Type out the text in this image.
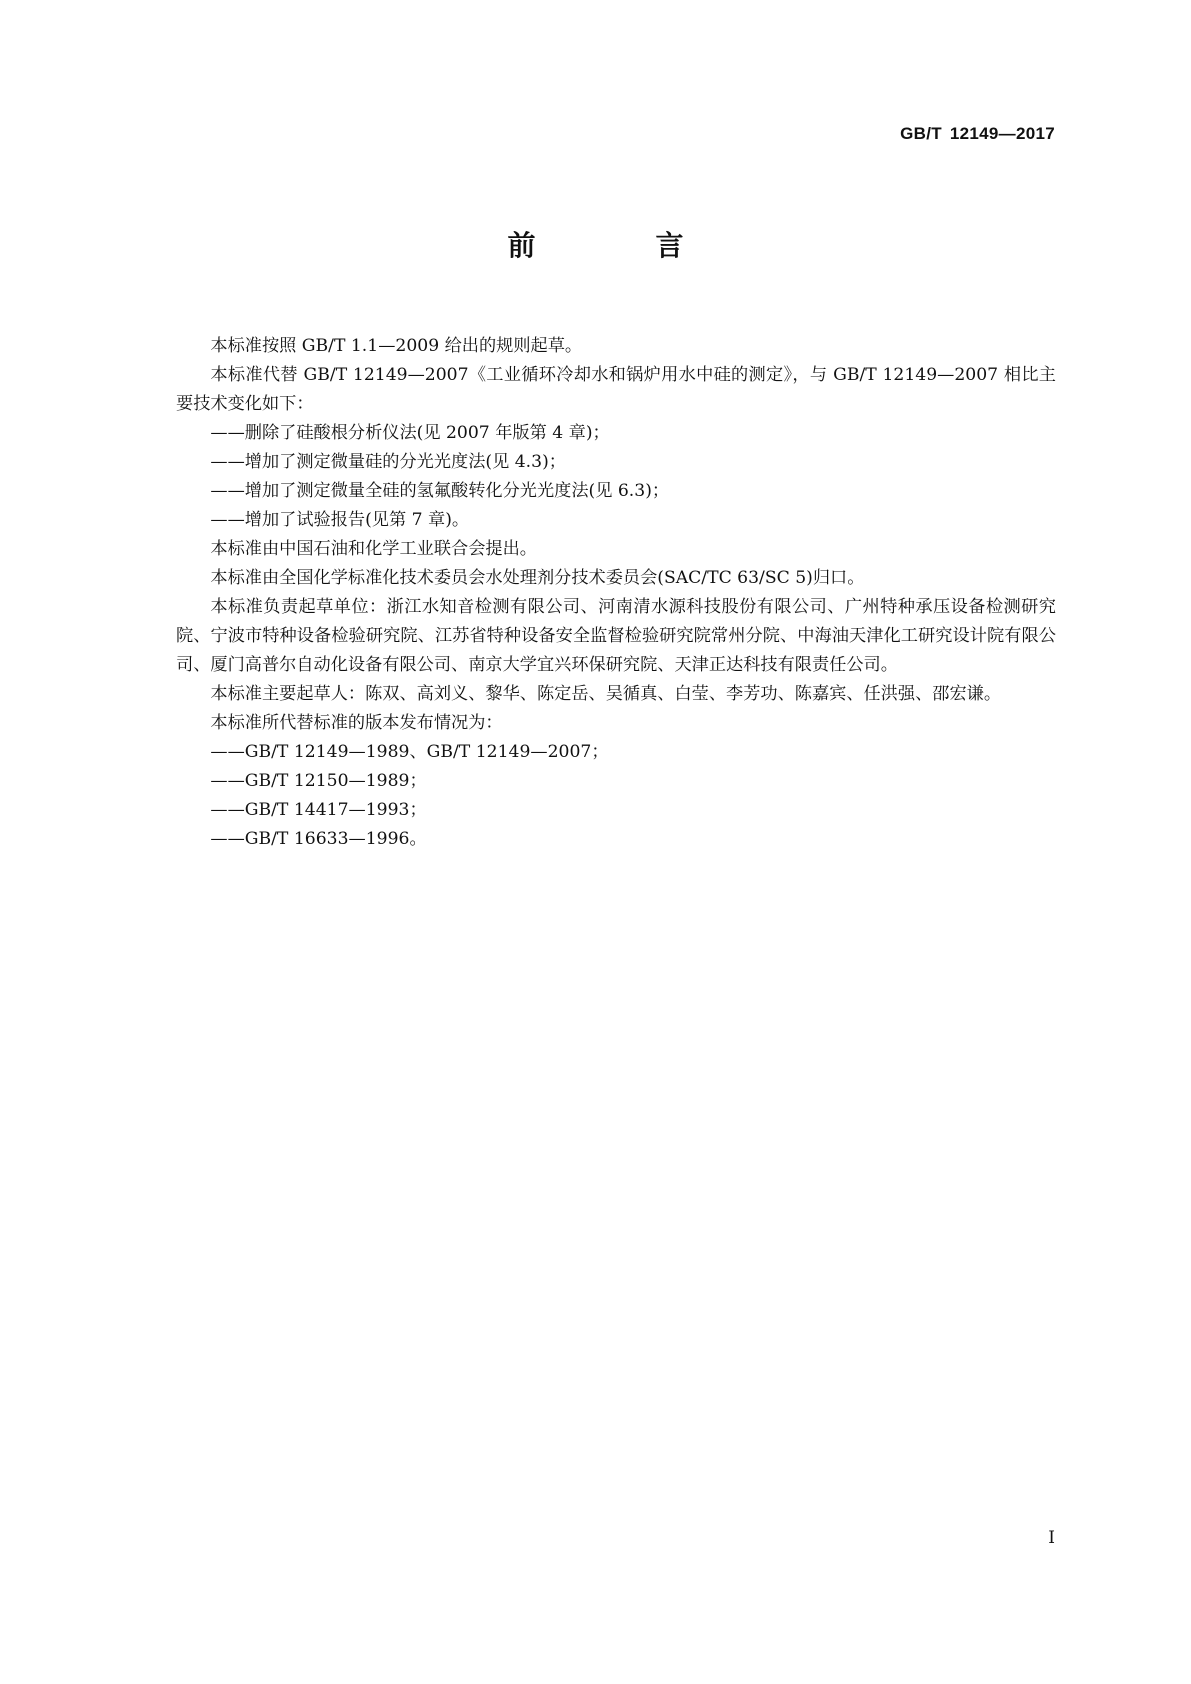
GB/T 12149—2017
前　言

本标准按照 GB/T 1.1—2009 给出的规则起草。

本标准代替 GB/T 12149—2007《工业循环冷却水和锅炉用水中硅的测定》，与 GB/T 12149—2007 相比主要技术变化如下：

——删除了硅酸根分析仪法(见 2007 年版第 4 章)；

——增加了测定微量硅的分光光度法(见 4.3)；

——增加了测定微量全硅的氢氟酸转化分光光度法(见 6.3)；

——增加了试验报告(见第 7 章)。

本标准由中国石油和化学工业联合会提出。

本标准由全国化学标准化技术委员会水处理剂分技术委员会(SAC/TC 63/SC 5)归口。

本标准负责起草单位：浙江水知音检测有限公司、河南清水源科技股份有限公司、广州特种承压设备检测研究院、宁波市特种设备检验研究院、江苏省特种设备安全监督检验研究院常州分院、中海油天津化工研究设计院有限公司、厦门高普尔自动化设备有限公司、南京大学宜兴环保研究院、天津正达科技有限责任公司。

本标准主要起草人：陈双、高刘义、黎华、陈定岳、吴循真、白莹、李芳功、陈嘉宾、任洪强、邵宏谦。

本标准所代替标准的版本发布情况为：

——GB/T 12149—1989、GB/T 12149—2007；

——GB/T 12150—1989；

——GB/T 14417—1993；

——GB/T 16633—1996。

I
